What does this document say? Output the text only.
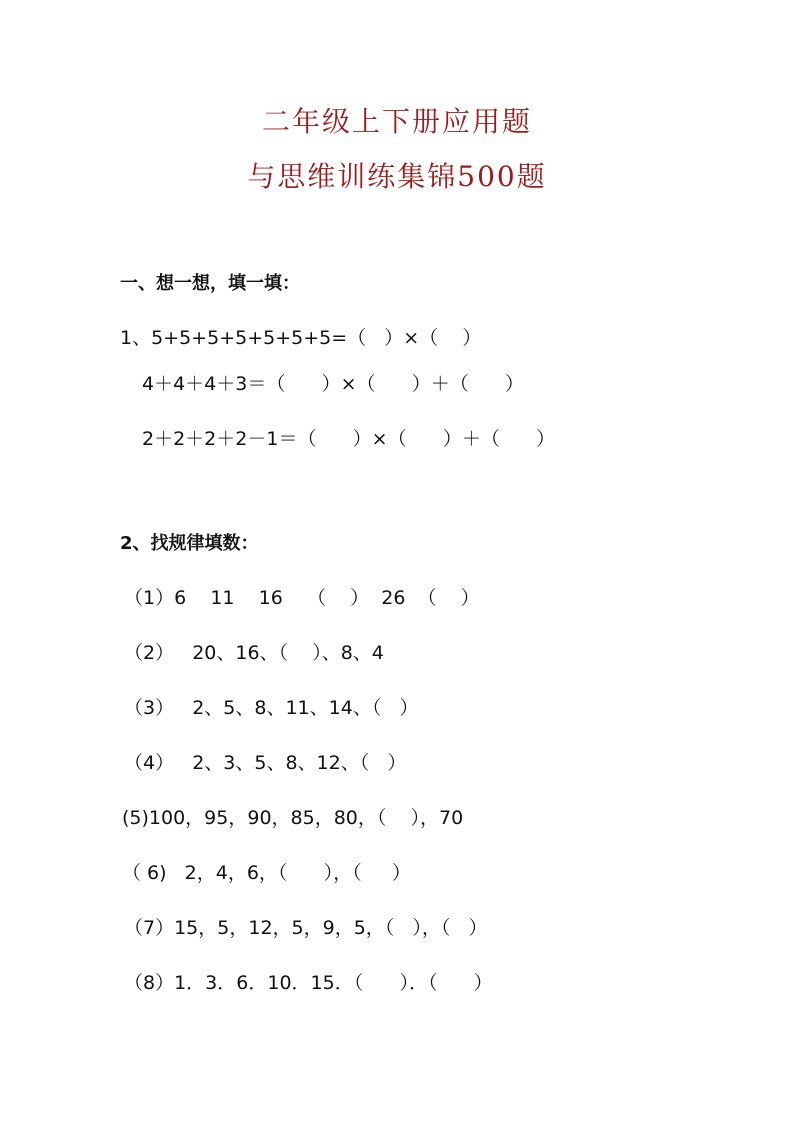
二年级上下册应用题
与思维训练集锦500题
一、想一想，填一填：
1、5+5+5+5+5+5+5=（   ）×（    ）
4＋4＋4＋3＝（      ）×（      ）＋（      ）
2＋2＋2＋2－1＝（      ）×（      ）＋（      ）
2、找规律填数：
（1）6    11    16    （    ）  26  （    ）
（2）   20、16、（    ）、8、4
（3）   2、5、8、11、14、（   ）
（4）   2、3、5、8、12、（   ）
(5)100，95，90，85，80，（    ），70
（ 6)   2，4，6，（      ），（     ）
（7）15，5，12，5，9，5，（   ），（   ）
（8）1．3．6．10．15．（      ）．（      ）
